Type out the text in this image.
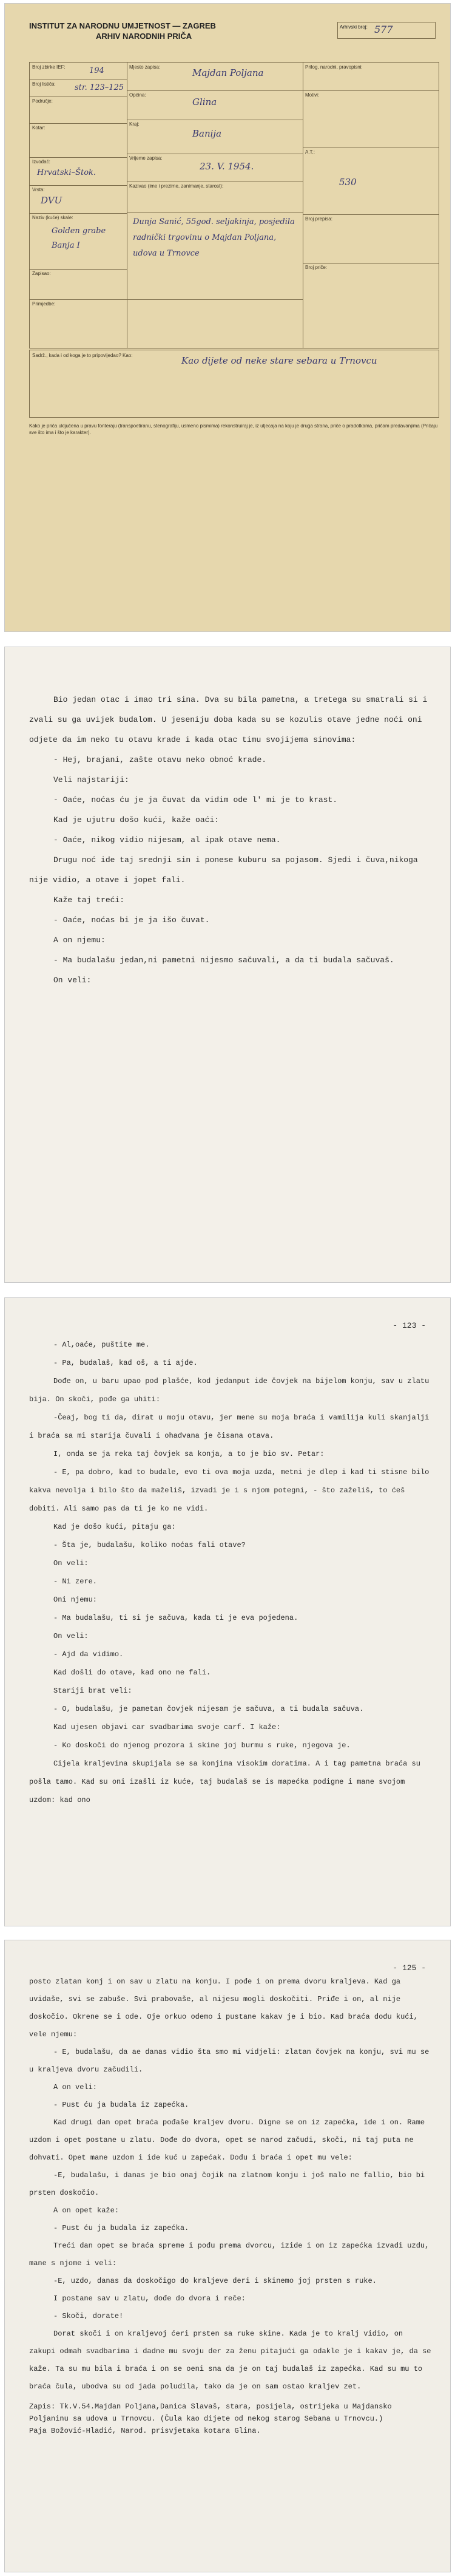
INSTITUT ZA NARODNU UMJETNOST — ZAGREB
ARHIV NARODNIH PRIČA
Arhivski broj: 577
Broj zbirke IEF:	194
Broj lističa: str. 123–125
Područje:
Kotar:
Izvođač:
Hrvatski–Štok.
Vrsta:
DVU
Naziv (kuće) skale:
Golden grabe
Banja I
Zapisao:
Primjedbe:
Mjesto zapisa:
Majdan Poljana
Općina:
Glina
Kraj:
Banija
Vrijeme zapisa:
23. V. 1954.
Kazivao (ime i prezime, zanimanje, starost):
Dunja Sanić, 55god. seljakinja, posjedila radnički trgovinu o Majdan Poljana, udova u Trnovce
Prilog, narodni, pravopisni:
Motivi:
A.T.:
530
Broj prepisa:
Broj priče:
Sadrž., kada i od koga je to pripovijedao? Kao:	Kao dijete od neke stare sebara u Trnovcu
Kako je priča uključena u pravu fonteraju (transpoetiranu, stenografiju, usmeno pismima) rekonstruiraj je, iz utjecaja na koju je druga strana, priče o pradotkama, pričam predavanjima (Pričaju sve što ima i što je karakter).

Bio jedan otac i imao tri sina. Dva su bila pametna, a tretega su smatrali si i zvali su ga uvijek budalom. U jeseniju doba kada su se kozulis otave jedne noći oni odjete da im neko tu otavu krade i kada otac timu svojijema sinovima:

- Hej, brajani, zašte otavu neko obnoć krade.

Veli najstariji:

- Oaće, noćas ću je ja čuvat da vidim ode l' mi je to krast.

Kad je ujutru došo kući, kaže oaći:

- Oaće, nikog vidio nijesam, al ipak otave nema.

Drugu noć ide taj srednji sin i ponese kuburu sa pojasom. Sjedi i čuva,nikoga nije vidio, a otave i jopet fali.

Kaže taj treći:

- Oaće, noćas bi je ja išo čuvat.

A on njemu:

- Ma budalašu jedan,ni pametni nijesmo sačuvali, a da ti budala sačuvaš.

On veli:

- 123 -

- Al,oaće, puštite me.

- Pa, budalaš, kad oš, a ti ajde.

Dođe on, u baru upao pod plašće, kod jedanput ide čovjek na bijelom konju, sav u zlatu bija. On skoči, pođe ga uhiti:

-Čeaj, bog ti da, dirat u moju otavu, jer mene su moja braća i vamilija kuli skanjalji i braća sa mi starija čuvali i ohađvana je čisana otava.

I, onda se ja reka taj čovjek sa konja, a to je bio sv. Petar:

- E, pa dobro, kad to budale, evo ti ova moja uzda, metni je dlep i kad ti stisne bilo kakva nevolja i bilo što da maželiš, izvadi je i s njom potegni, - što zaželiš, to ćeš dobiti. Ali samo pas da ti je ko ne vidi.

Kad je došo kući, pitaju ga:

- Šta je, budalašu, koliko noćas fali otave?

On veli:

- Ni zere.

Oni njemu:

- Ma budalašu, ti si je sačuva, kada ti je eva pojedena.

On veli:

- Ajd da vidimo.

Kad došli do otave, kad ono ne fali.

Stariji brat veli:

- O, budalašu, je pametan čovjek nijesam je sačuva, a ti budala sačuva.

Kad ujesen objavi car svadbarima svoje carf. I kaže:

- Ko doskoči do njenog prozora i skine joj burmu s ruke, njegova je.

Cijela kraljevina skupijala se sa konjima visokim doratima. A i tag pametna braća su pošla tamo. Kad su oni izašli iz kuće, taj budalaš se is mapećka podigne i mane svojom uzdom: kad ono

- 125 -

posto zlatan konj i on sav u zlatu na konju. I pođe i on prema dvoru kraljeva. Kad ga uvidaše, svi se zabuše. Svi prabovaše, al nijesu mogli doskočiti. Priđe i on, al nije doskočio. Okrene se i ode. Oje orkuo odemo i pustane kakav je i bio. Kad braća dođu kući, vele njemu:

- E, budalašu, da ae danas vidio šta smo mi vidjeli: zlatan čovjek na konju, svi mu se u kraljeva dvoru začudili.

A on veli:

- Pust ću ja budala iz zapećka.

Kad drugi dan opet braća pođaše kraljev dvoru. Digne se on iz zapećka, ide i on. Rame uzdom i opet postane u zlatu. Dođe do dvora, opet se narod začudi, skoči, ni taj puta ne dohvati. Opet mane uzdom i ide kuć u zapećak. Dođu i braća i opet mu vele:

-E, budalašu, i danas je bio onaj čojik na zlatnom konju i još malo ne fallio, bio bi prsten doskočio.

A on opet kaže:

- Pust ću ja budala iz zapećka.

Treći dan opet se braća spreme i pođu prema dvorcu, izide i on iz zapećka izvadi uzdu, mane s njome i veli:

-E, uzdo, danas da doskočigo do kraljeve deri i skinemo joj prsten s ruke.

I postane sav u zlatu, dođe do dvora i reče:

- Skoči, dorate!

Dorat skoči i on kraljevoj ćeri prsten sa ruke skine. Kada je to kralj vidio, on zakupi odmah svadbarima i dadne mu svoju der za ženu pitajući ga odakle je i kakav je, da se kaže. Ta su mu bila i braća i on se oeni sna da je on taj budalaš iz zapećka. Kad su mu to braća čula, ubodva su od jada poludila, tako da je on sam ostao kraljev zet.

Zapis: Tk.V.54.Majdan Poljana,Danica Slavaš, stara, posijela, ostrijeka u Majdansko Poljaninu sa udova u Trnovcu. (Čula kao dijete od nekog starog Sebana u Trnovcu.)
Paja Božović-Hladić, Narod. prisvjetaka kotara Glina.
